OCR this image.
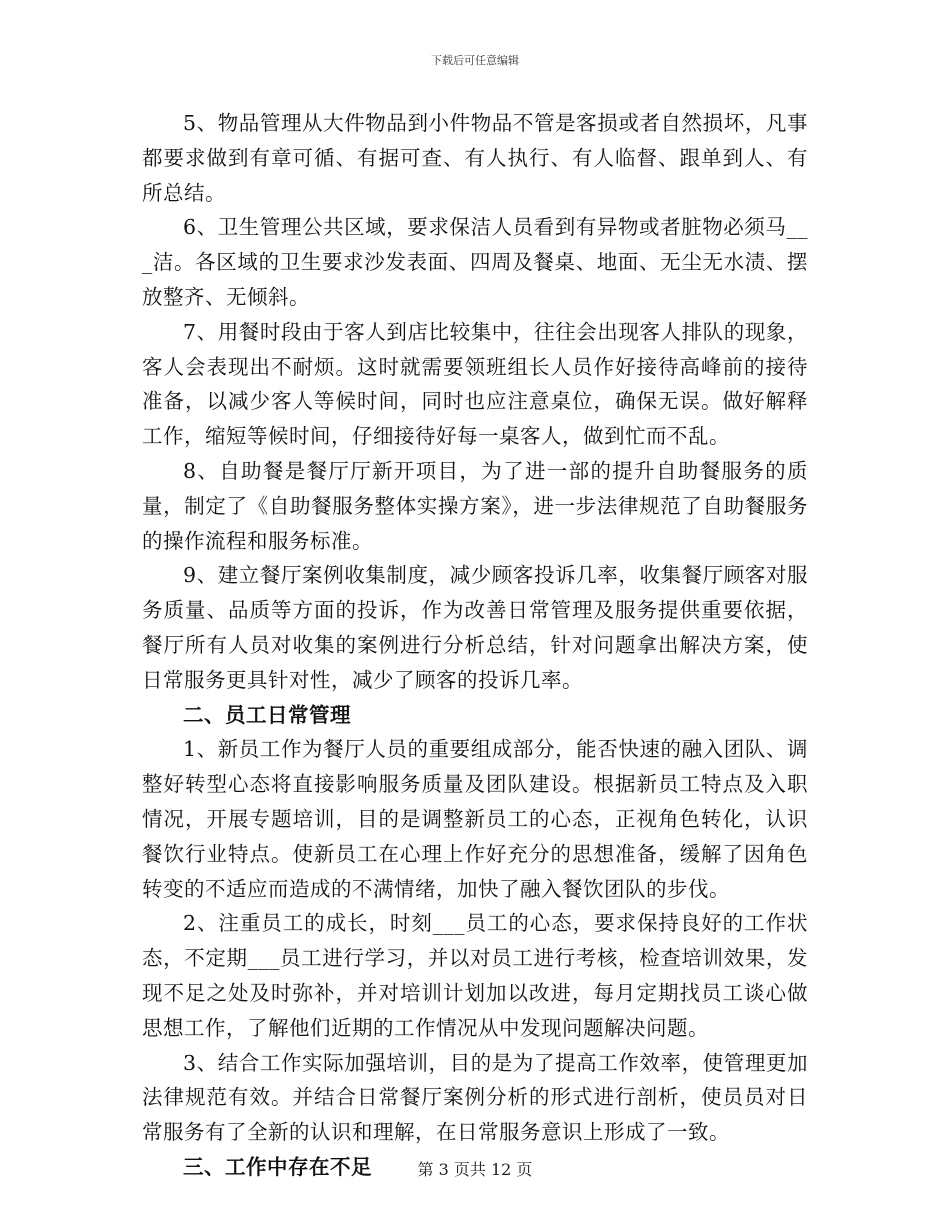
下载后可任意编辑

5、物品管理从大件物品到小件物品不管是客损或者自然损坏，凡事都要求做到有章可循、有据可查、有人执行、有人临督、跟单到人、有所总结。

6、卫生管理公共区域，要求保洁人员看到有异物或者脏物必须马___洁。各区域的卫生要求沙发表面、四周及餐桌、地面、无尘无水渍、摆放整齐、无倾斜。

7、用餐时段由于客人到店比较集中，往往会出现客人排队的现象，客人会表现出不耐烦。这时就需要领班组长人员作好接待高峰前的接待准备，以减少客人等候时间，同时也应注意桌位，确保无误。做好解释工作，缩短等候时间，仔细接待好每一桌客人，做到忙而不乱。

8、自助餐是餐厅厅新开项目，为了进一部的提升自助餐服务的质量，制定了《自助餐服务整体实操方案》，进一步法律规范了自助餐服务的操作流程和服务标准。

9、建立餐厅案例收集制度，减少顾客投诉几率，收集餐厅顾客对服务质量、品质等方面的投诉，作为改善日常管理及服务提供重要依据，餐厅所有人员对收集的案例进行分析总结，针对问题拿出解决方案，使日常服务更具针对性，减少了顾客的投诉几率。

二、员工日常管理

1、新员工作为餐厅人员的重要组成部分，能否快速的融入团队、调整好转型心态将直接影响服务质量及团队建设。根据新员工特点及入职情况，开展专题培训，目的是调整新员工的心态，正视角色转化，认识餐饮行业特点。使新员工在心理上作好充分的思想准备，缓解了因角色转变的不适应而造成的不满情绪，加快了融入餐饮团队的步伐。

2、注重员工的成长，时刻___员工的心态，要求保持良好的工作状态，不定期___员工进行学习，并以对员工进行考核，检查培训效果，发现不足之处及时弥补，并对培训计划加以改进，每月定期找员工谈心做思想工作，了解他们近期的工作情况从中发现问题解决问题。

3、结合工作实际加强培训，目的是为了提高工作效率，使管理更加法律规范有效。并结合日常餐厅案例分析的形式进行剖析，使员员对日常服务有了全新的认识和理解，在日常服务意识上形成了一致。

三、工作中存在不足	第 3 页共 12 页
